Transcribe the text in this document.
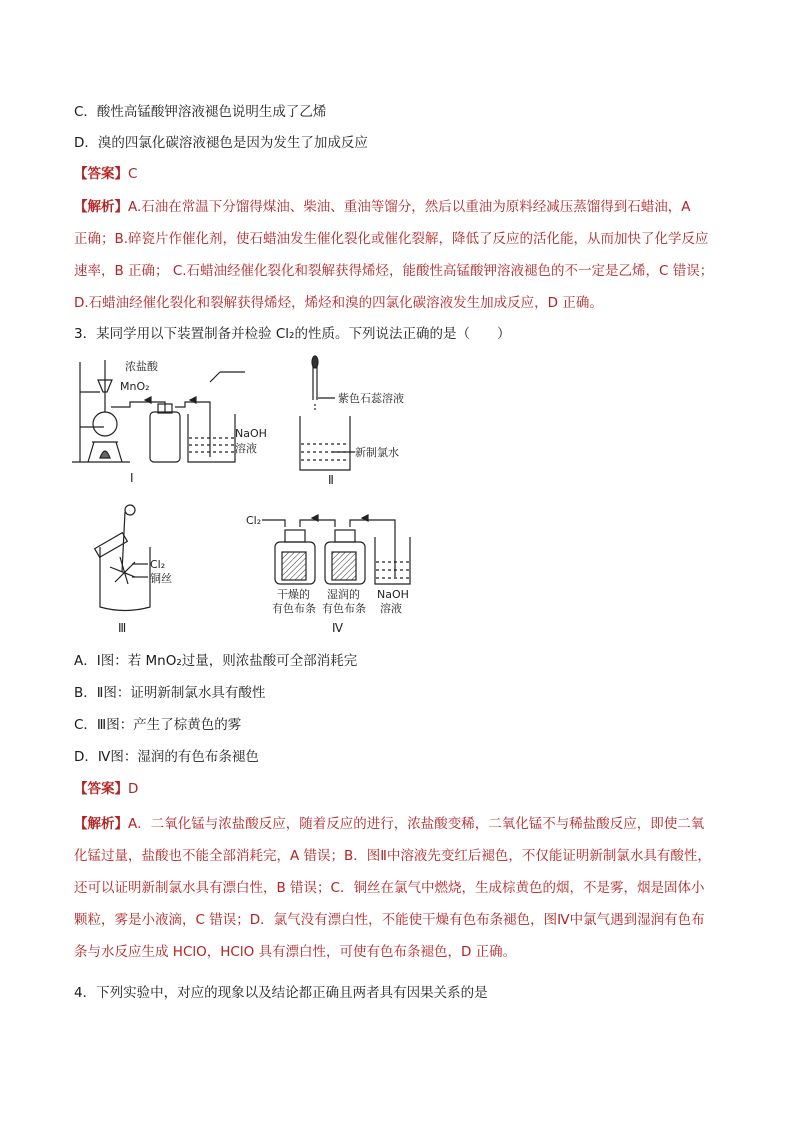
C．酸性高锰酸钾溶液褪色说明生成了乙烯
D．溴的四氯化碳溶液褪色是因为发生了加成反应
【答案】C
【解析】A.石油在常温下分馏得煤油、柴油、重油等馏分，然后以重油为原料经减压蒸馏得到石蜡油，A
正确；B.碎瓷片作催化剂，使石蜡油发生催化裂化或催化裂解，降低了反应的活化能，从而加快了化学反应
速率，B 正确； C.石蜡油经催化裂化和裂解获得烯烃，能酸性高锰酸钾溶液褪色的不一定是乙烯，C 错误；
D.石蜡油经催化裂化和裂解获得烯烃，烯烃和溴的四氯化碳溶液发生加成反应，D 正确。
3．某同学用以下装置制备并检验 Cl₂的性质。下列说法正确的是（　　）
浓盐酸
MnO₂
NaOH
溶液
Ⅰ
紫色石蕊溶液
新制氯水
Ⅱ
Cl₂
铜丝
Ⅲ
Cl₂
干燥的
有色布条
湿润的
有色布条
NaOH
溶液
Ⅳ
A．Ⅰ图：若 MnO₂过量，则浓盐酸可全部消耗完
B．Ⅱ图：证明新制氯水具有酸性
C．Ⅲ图：产生了棕黄色的雾
D．Ⅳ图：湿润的有色布条褪色
【答案】D
【解析】A．二氧化锰与浓盐酸反应，随着反应的进行，浓盐酸变稀，二氧化锰不与稀盐酸反应，即使二氧
化锰过量，盐酸也不能全部消耗完，A 错误；B．图Ⅱ中溶液先变红后褪色，不仅能证明新制氯水具有酸性，
还可以证明新制氯水具有漂白性，B 错误；C．铜丝在氯气中燃烧，生成棕黄色的烟，不是雾，烟是固体小
颗粒，雾是小液滴，C 错误；D．氯气没有漂白性，不能使干燥有色布条褪色，图Ⅳ中氯气遇到湿润有色布
条与水反应生成 HClO，HClO 具有漂白性，可使有色布条褪色，D 正确。
4．下列实验中，对应的现象以及结论都正确且两者具有因果关系的是
